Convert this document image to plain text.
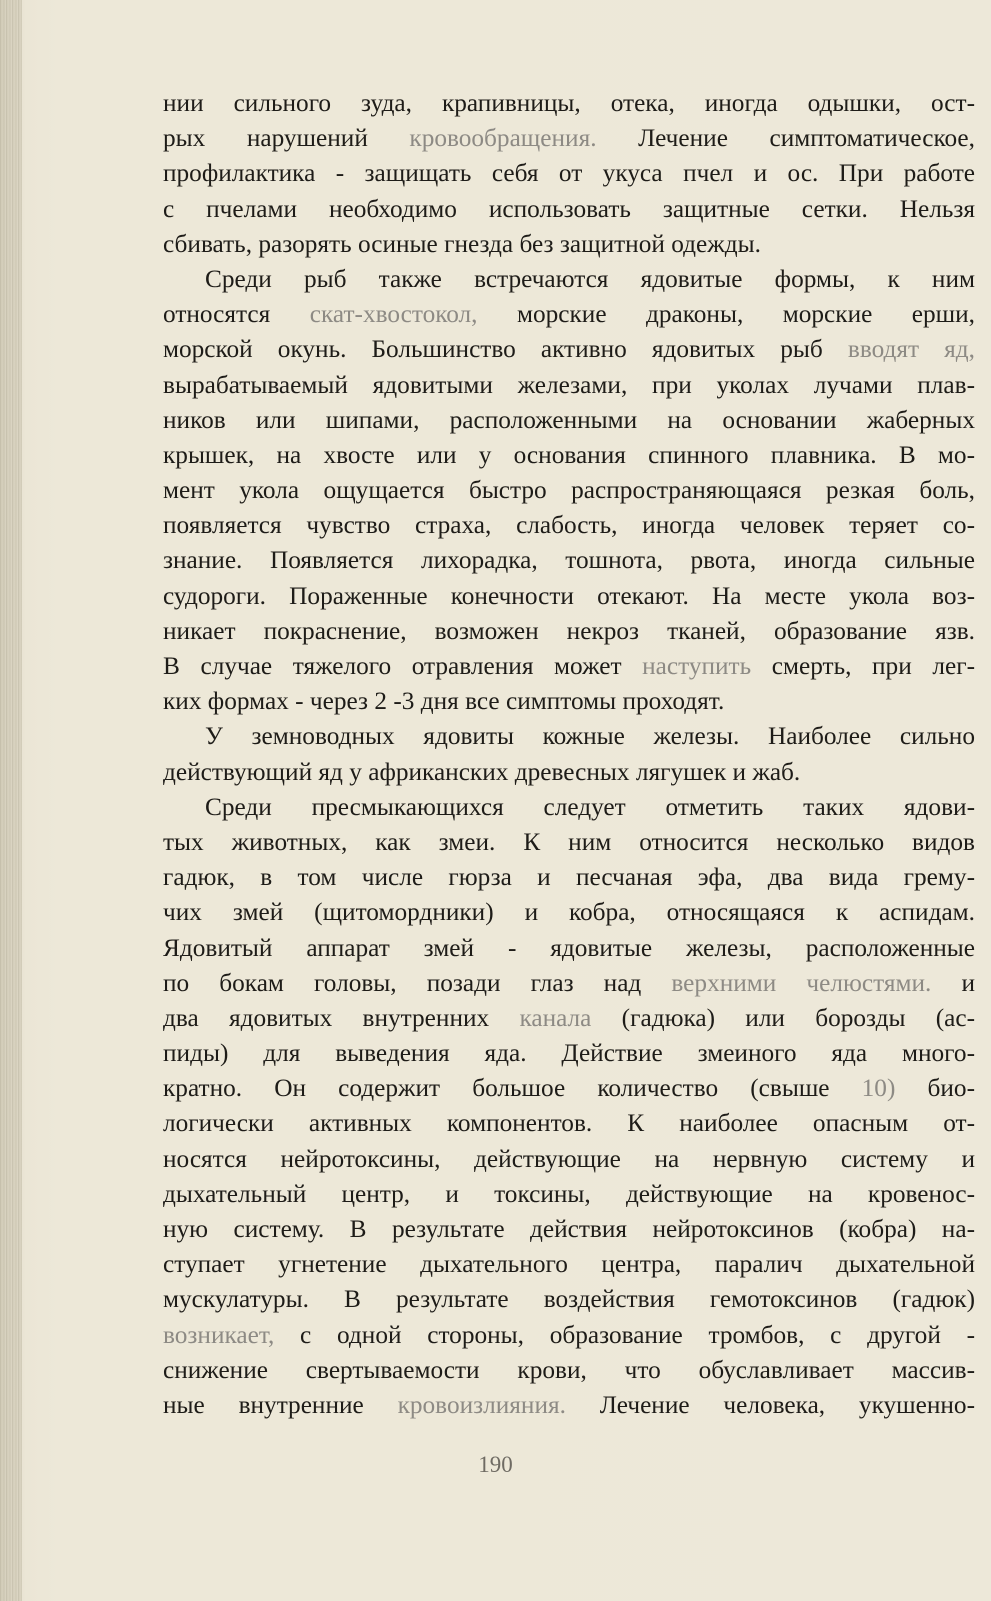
нии сильного зуда, крапивницы, отека, иногда одышки, ост-
рых нарушений кровообращения. Лечение симптоматическое,
профилактика - защищать себя от укуса пчел и ос. При работе
с пчелами необходимо использовать защитные сетки. Нельзя
сбивать, разорять осиные гнезда без защитной одежды.
Среди рыб также встречаются ядовитые формы, к ним
относятся скат-хвостокол, морские драконы, морские ерши,
морской окунь. Большинство активно ядовитых рыб вводят яд,
вырабатываемый ядовитыми железами, при уколах лучами плав-
ников или шипами, расположенными на основании жаберных
крышек, на хвосте или у основания спинного плавника. В мо-
мент укола ощущается быстро распространяющаяся резкая боль,
появляется чувство страха, слабость, иногда человек теряет со-
знание. Появляется лихорадка, тошнота, рвота, иногда сильные
судороги. Пораженные конечности отекают. На месте укола воз-
никает покраснение, возможен некроз тканей, образование язв.
В случае тяжелого отравления может наступить смерть, при лег-
ких формах - через 2 -3 дня все симптомы проходят.
У земноводных ядовиты кожные железы. Наиболее сильно
действующий яд у африканских древесных лягушек и жаб.
Среди пресмыкающихся следует отметить таких ядови-
тых животных, как змеи. К ним относится несколько видов
гадюк, в том числе гюрза и песчаная эфа, два вида грему-
чих змей (щитомордники) и кобра, относящаяся к аспидам.
Ядовитый аппарат змей - ядовитые железы, расположенные
по бокам головы, позади глаз над верхними челюстями. и
два ядовитых внутренних канала (гадюка) или борозды (ас-
пиды) для выведения яда. Действие змеиного яда много-
кратно. Он содержит большое количество (свыше 10) био-
логически активных компонентов. К наиболее опасным от-
носятся нейротоксины, действующие на нервную систему и
дыхательный центр, и токсины, действующие на кровенос-
ную систему. В результате действия нейротоксинов (кобра) на-
ступает угнетение дыхательного центра, паралич дыхательной
мускулатуры. В результате воздействия гемотоксинов (гадюк)
возникает, с одной стороны, образование тромбов, с другой -
снижение свертываемости крови, что обуславливает массив-
ные внутренние кровоизлияния. Лечение человека, укушенно-
190
